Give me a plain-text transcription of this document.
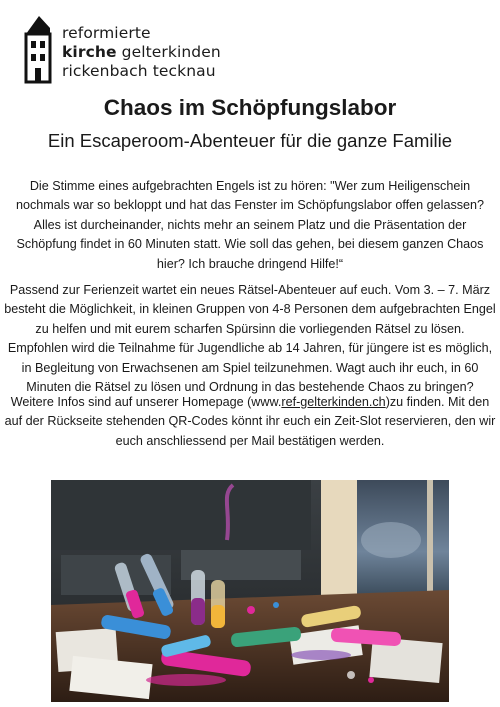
reformierte
kirche gelterkinden
rickenbach tecknau
Chaos im Schöpfungslabor
Ein Escaperoom-Abenteuer für die ganze Familie
Die Stimme eines aufgebrachten Engels ist zu hören: "Wer zum Heiligenschein nochmals war so bekloppt und hat das Fenster im Schöpfungslabor offen gelassen? Alles ist durcheinander, nichts mehr an seinem Platz und die Präsentation der Schöpfung findet in 60 Minuten statt. Wie soll das gehen, bei diesem ganzen Chaos hier? Ich brauche dringend Hilfe!“
Passend zur Ferienzeit wartet ein neues Rätsel-Abenteuer auf euch. Vom 3. – 7. März besteht die Möglichkeit, in kleinen Gruppen von 4-8 Personen dem aufgebrachten Engel zu helfen und mit eurem scharfen Spürsinn die vorliegenden Rätsel zu lösen. Empfohlen wird die Teilnahme für Jugendliche ab 14 Jahren, für jüngere ist es möglich, in Begleitung von Erwachsenen am Spiel teilzunehmen. Wagt auch ihr euch, in 60 Minuten die Rätsel zu lösen und Ordnung in das bestehende Chaos zu bringen?
Weitere Infos sind auf unserer Homepage (www.ref-gelterkinden.ch)zu finden. Mit den auf der Rückseite stehenden QR-Codes könnt ihr euch ein Zeit-Slot reservieren, den wir euch anschliessend per Mail bestätigen werden.
